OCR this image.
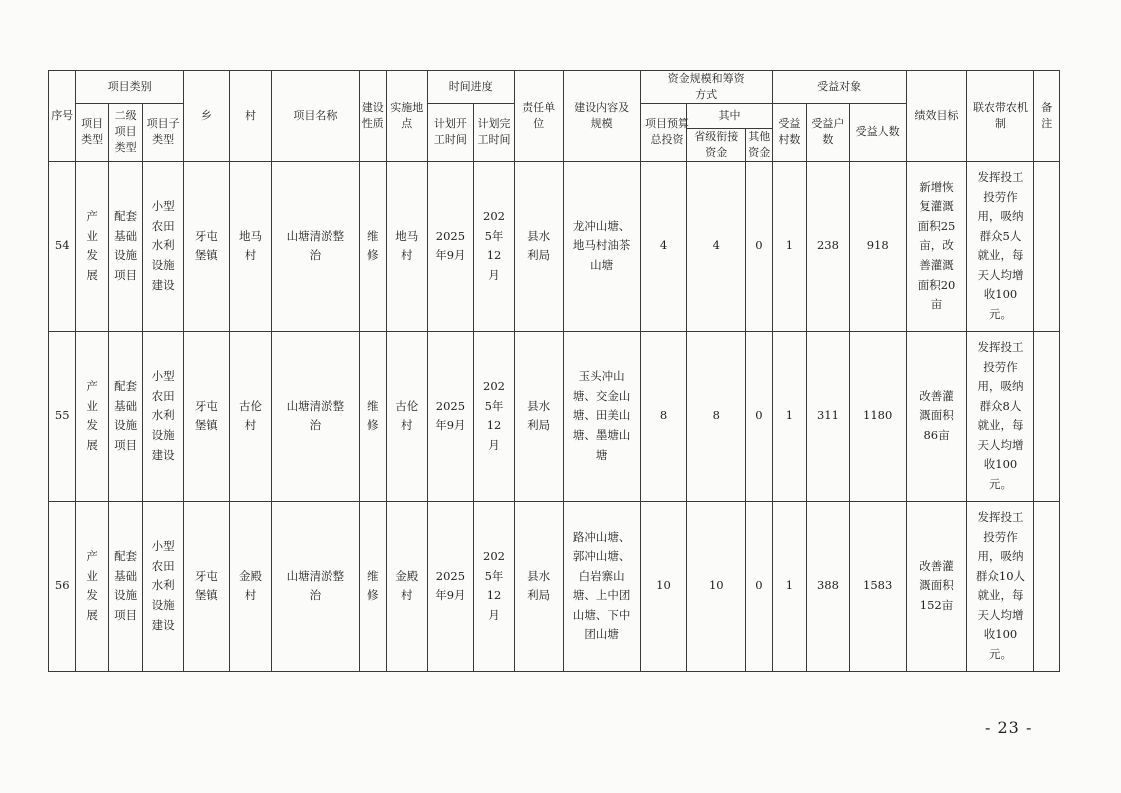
序号	项目类别			乡	村	项目名称	建设性质	实施地点	时间进度		责任单位	建设内容及规模	资金规模和筹资方式			受益对象			绩效目标	联农带农机制	备注

	项目类型	二级项目类型	项目子类型						计划开工时间	计划完工时间			项目预算总投资	其中		受益村数	受益户数	受益人数			

														省级衔接资金	其他资金						

54	产业发展	配套基础设施项目	小型农田水利设施建设	牙屯堡镇	地马村	山塘清淤整治	维修	地马村	2025年9月	2025年12月	县水利局	龙冲山塘、地马村油茶山塘	4	4	0	1	238	918	新增恢复灌溉面积25亩，改善灌溉面积20亩	发挥投工投劳作用，吸纳群众5人就业，每天人均增收100元。	

55	产业发展	配套基础设施项目	小型农田水利设施建设	牙屯堡镇	古伦村	山塘清淤整治	维修	古伦村	2025年9月	2025年12月	县水利局	玉头冲山塘、交金山塘、田美山塘、墨塘山塘	8	8	0	1	311	1180	改善灌溉面积86亩	发挥投工投劳作用，吸纳群众8人就业，每天人均增收100元。	

56	产业发展	配套基础设施项目	小型农田水利设施建设	牙屯堡镇	金殿村	山塘清淤整治	维修	金殿村	2025年9月	2025年12月	县水利局	路冲山塘、郭冲山塘、白岩寨山塘、上中团山塘、下中团山塘	10	10	0	1	388	1583	改善灌溉面积152亩	发挥投工投劳作用，吸纳群众10人就业，每天人均增收100元。	

- 23 -
